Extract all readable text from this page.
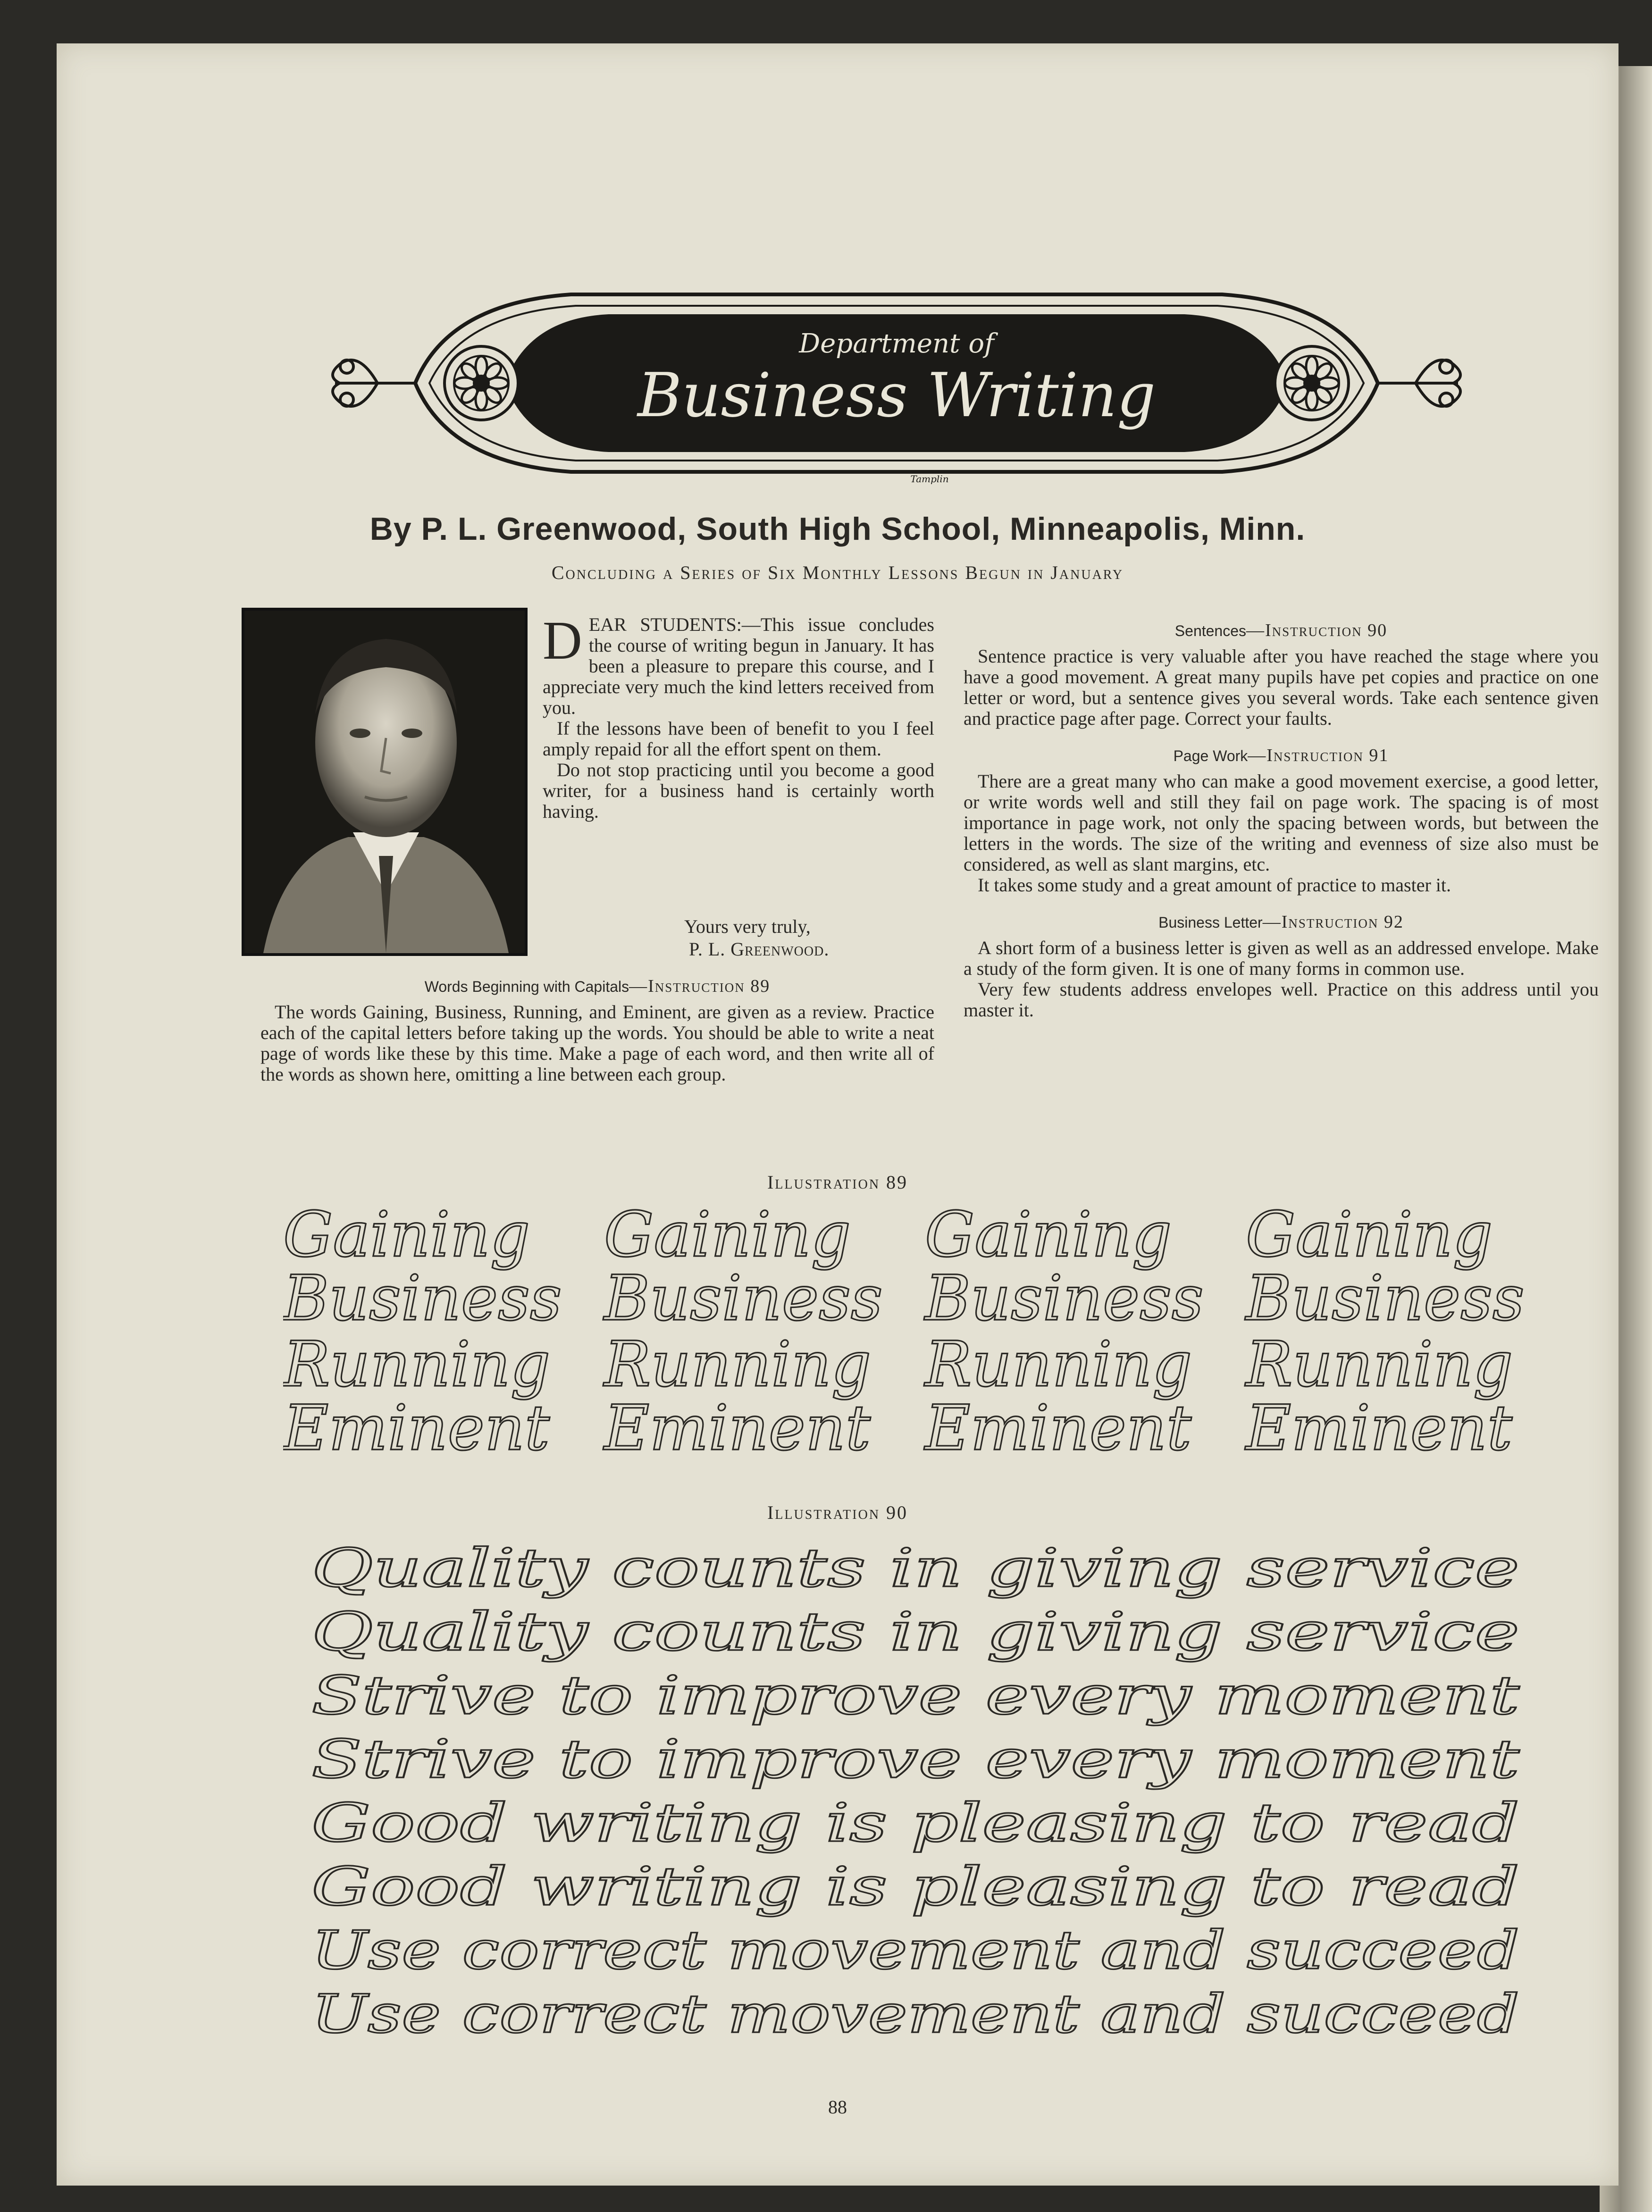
Department of
Business Writing
Tamplin
By P. L. Greenwood, South High School, Minneapolis, Minn.
Concluding a Series of Six Monthly Lessons Begun in January

DEAR STUDENTS:—This issue concludes the course of writing begun in January. It has been a pleasure to prepare this course, and I appreciate very much the kind letters received from you.

If the lessons have been of benefit to you I feel amply repaid for all the effort spent on them.

Do not stop practicing until you become a good writer, for a business hand is certainly worth having.

Yours very truly,
P. L. Greenwood.
Words Beginning with Capitals—Instruction 89

The words Gaining, Business, Running, and Eminent, are given as a review. Practice each of the capital letters before taking up the words. You should be able to write a neat page of words like these by this time. Make a page of each word, and then write all of the words as shown here, omitting a line between each group.

Sentences—Instruction 90

Sentence practice is very valuable after you have reached the stage where you have a good movement. A great many pupils have pet copies and practice on one letter or word, but a sentence gives you several words. Take each sentence given and practice page after page. Correct your faults.

Page Work—Instruction 91

There are a great many who can make a good movement exercise, a good letter, or write words well and still they fail on page work. The spacing is of most importance in page work, not only the spacing between words, but between the letters in the words. The size of the writing and evenness of size also must be considered, as well as slant margins, etc.

It takes some study and a great amount of practice to master it.

Business Letter—Instruction 92

A short form of a business letter is given as well as an addressed envelope. Make a study of the form given. It is one of many forms in common use.

Very few students address envelopes well. Practice on this address until you master it.

Illustration 89
Gaining Gaining Gaining Gaining
Business Business Business Business
Running Running Running Running
Eminent Eminent Eminent Eminent
Illustration 90
Quality counts in giving service
Quality counts in giving service
Strive to improve every moment
Strive to improve every moment
Good writing is pleasing to read
Good writing is pleasing to read
Use correct movement and succeed
Use correct movement and succeed
88
